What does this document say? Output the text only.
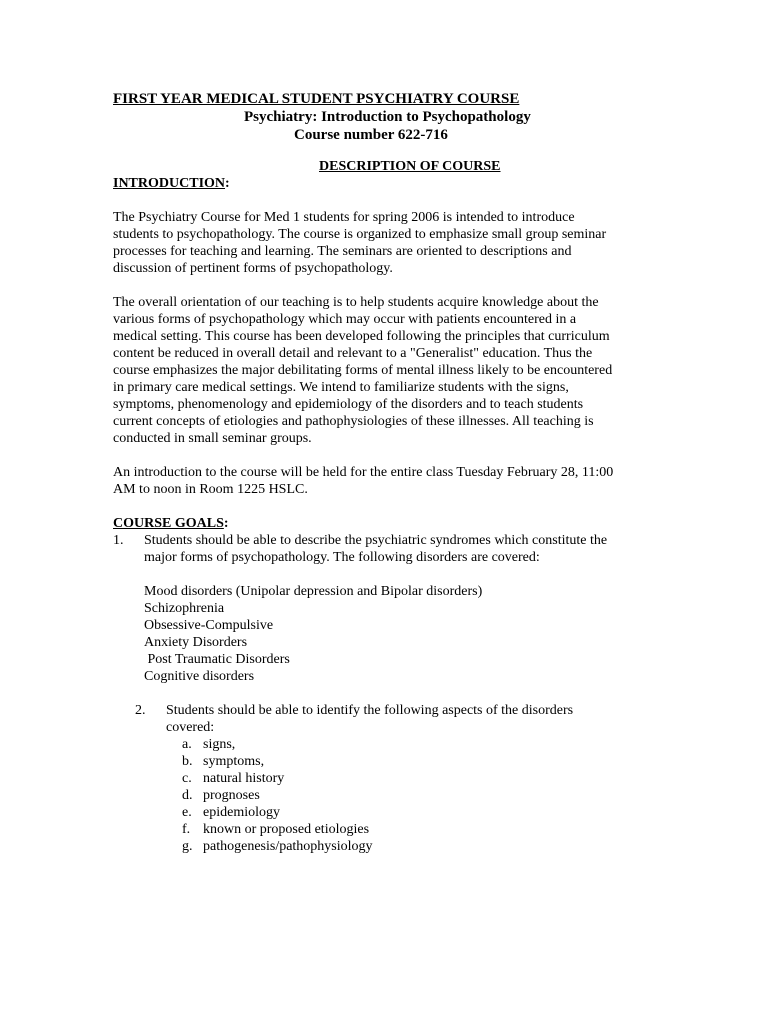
FIRST YEAR MEDICAL STUDENT PSYCHIATRY COURSE
Psychiatry: Introduction to Psychopathology
Course number 622-716
DESCRIPTION OF COURSE
INTRODUCTION:
The Psychiatry Course for Med 1 students for spring 2006 is intended to introduce
students to psychopathology. The course is organized to emphasize small group seminar
processes for teaching and learning. The seminars are oriented to descriptions and
discussion of pertinent forms of psychopathology.
The overall orientation of our teaching is to help students acquire knowledge about the
various forms of psychopathology which may occur with patients encountered in a
medical setting. This course has been developed following the principles that curriculum
content be reduced in overall detail and relevant to a "Generalist" education. Thus the
course emphasizes the major debilitating forms of mental illness likely to be encountered
in primary care medical settings. We intend to familiarize students with the signs,
symptoms, phenomenology and epidemiology of the disorders and to teach students
current concepts of etiologies and pathophysiologies of these illnesses. All teaching is
conducted in small seminar groups.
An introduction to the course will be held for the entire class Tuesday February 28, 11:00
AM to noon in Room 1225 HSLC.
COURSE GOALS:
1. Students should be able to describe the psychiatric syndromes which constitute the
major forms of psychopathology. The following disorders are covered:
Mood disorders (Unipolar depression and Bipolar disorders)
Schizophrenia
Obsessive-Compulsive
Anxiety Disorders
Post Traumatic Disorders
Cognitive disorders
2. Students should be able to identify the following aspects of the disorders
covered:
a. signs,
b. symptoms,
c. natural history
d. prognoses
e. epidemiology
f. known or proposed etiologies
g. pathogenesis/pathophysiology
